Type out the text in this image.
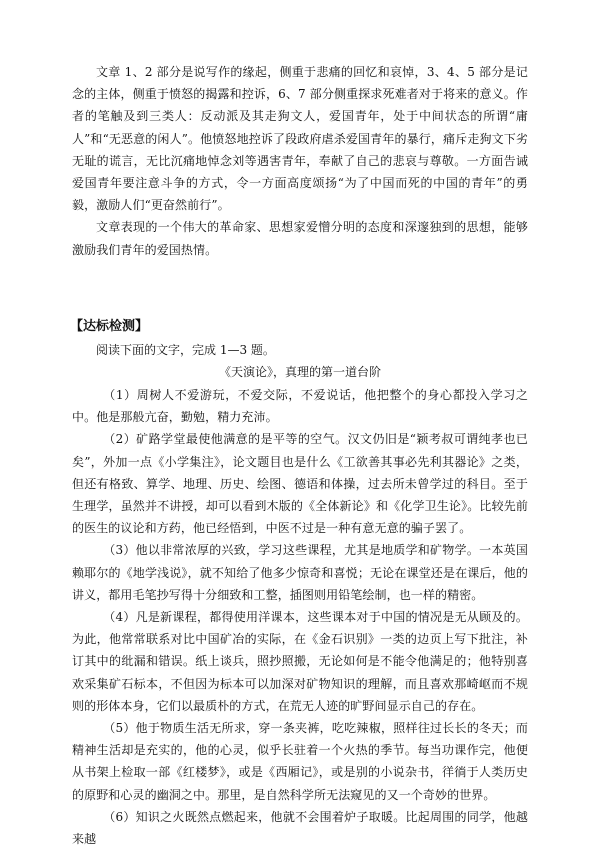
文章 1、2 部分是说写作的缘起，侧重于悲痛的回忆和哀悼，3、4、5 部分是记念的主体，侧重于愤怒的揭露和控诉，6、7 部分侧重探求死难者对于将来的意义。作者的笔触及到三类人：反动派及其走狗文人，爱国青年，处于中间状态的所谓“庸人”和“无恶意的闲人”。他愤怒地控诉了段政府虐杀爱国青年的暴行，痛斥走狗文下劣无耻的谎言，无比沉痛地悼念刘等遇害青年，奉献了自己的悲哀与尊敬。一方面告诫爱国青年要注意斗争的方式，令一方面高度颂扬“为了中国而死的中国的青年”的勇毅，激励人们“更奋然前行”。

文章表现的一个伟大的革命家、思想家爱憎分明的态度和深邃独到的思想，能够激励我们青年的爱国热情。

【达标检测】

阅读下面的文字，完成 1—3 题。

《天演论》，真理的第一道台阶

（1）周树人不爱游玩，不爱交际，不爱说话，他把整个的身心都投入学习之中。他是那般亢奋，勤勉，精力充沛。

（2）矿路学堂最使他满意的是平等的空气。汉文仍旧是“颖考叔可谓纯孝也已矣”，外加一点《小学集注》，论文题目也是什么《工欲善其事必先利其器论》之类，但还有格致、算学、地理、历史、绘图、德语和体操，过去所未曾学过的科目。至于生理学，虽然并不讲授，却可以看到木版的《全体新论》和《化学卫生论》。比较先前的医生的议论和方药，他已经悟到，中医不过是一种有意无意的骗子罢了。

（3）他以非常浓厚的兴致，学习这些课程，尤其是地质学和矿物学。一本英国赖耶尔的《地学浅说》，就不知给了他多少惊奇和喜悦；无论在课堂还是在课后，他的讲义，都用毛笔抄写得十分细致和工整，插图则用铅笔绘制，也一样的精密。

（4）凡是新课程，都得使用洋课本，这些课本对于中国的情况是无从顾及的。为此，他常常联系对比中国矿冶的实际，在《金石识别》一类的边页上写下批注，补订其中的纰漏和错误。纸上谈兵，照抄照搬，无论如何是不能令他满足的；他特别喜欢采集矿石标本，不但因为标本可以加深对矿物知识的理解，而且喜欢那崎岖而不规则的形体本身，它们以最质朴的方式，在荒无人迹的旷野间显示自己的存在。

（5）他于物质生活无所求，穿一条夹裤，吃吃辣椒，照样往过长长的冬天；而精神生活却是充实的，他的心灵，似乎长驻着一个火热的季节。每当功课作完，他便从书架上检取一部《红楼梦》，或是《西厢记》，或是别的小说杂书，徉徜于人类历史的原野和心灵的幽洞之中。那里，是自然科学所无法窥见的又一个奇妙的世界。

（6）知识之火既然点燃起来，他就不会围着炉子取暖。比起周围的同学，他越来越
